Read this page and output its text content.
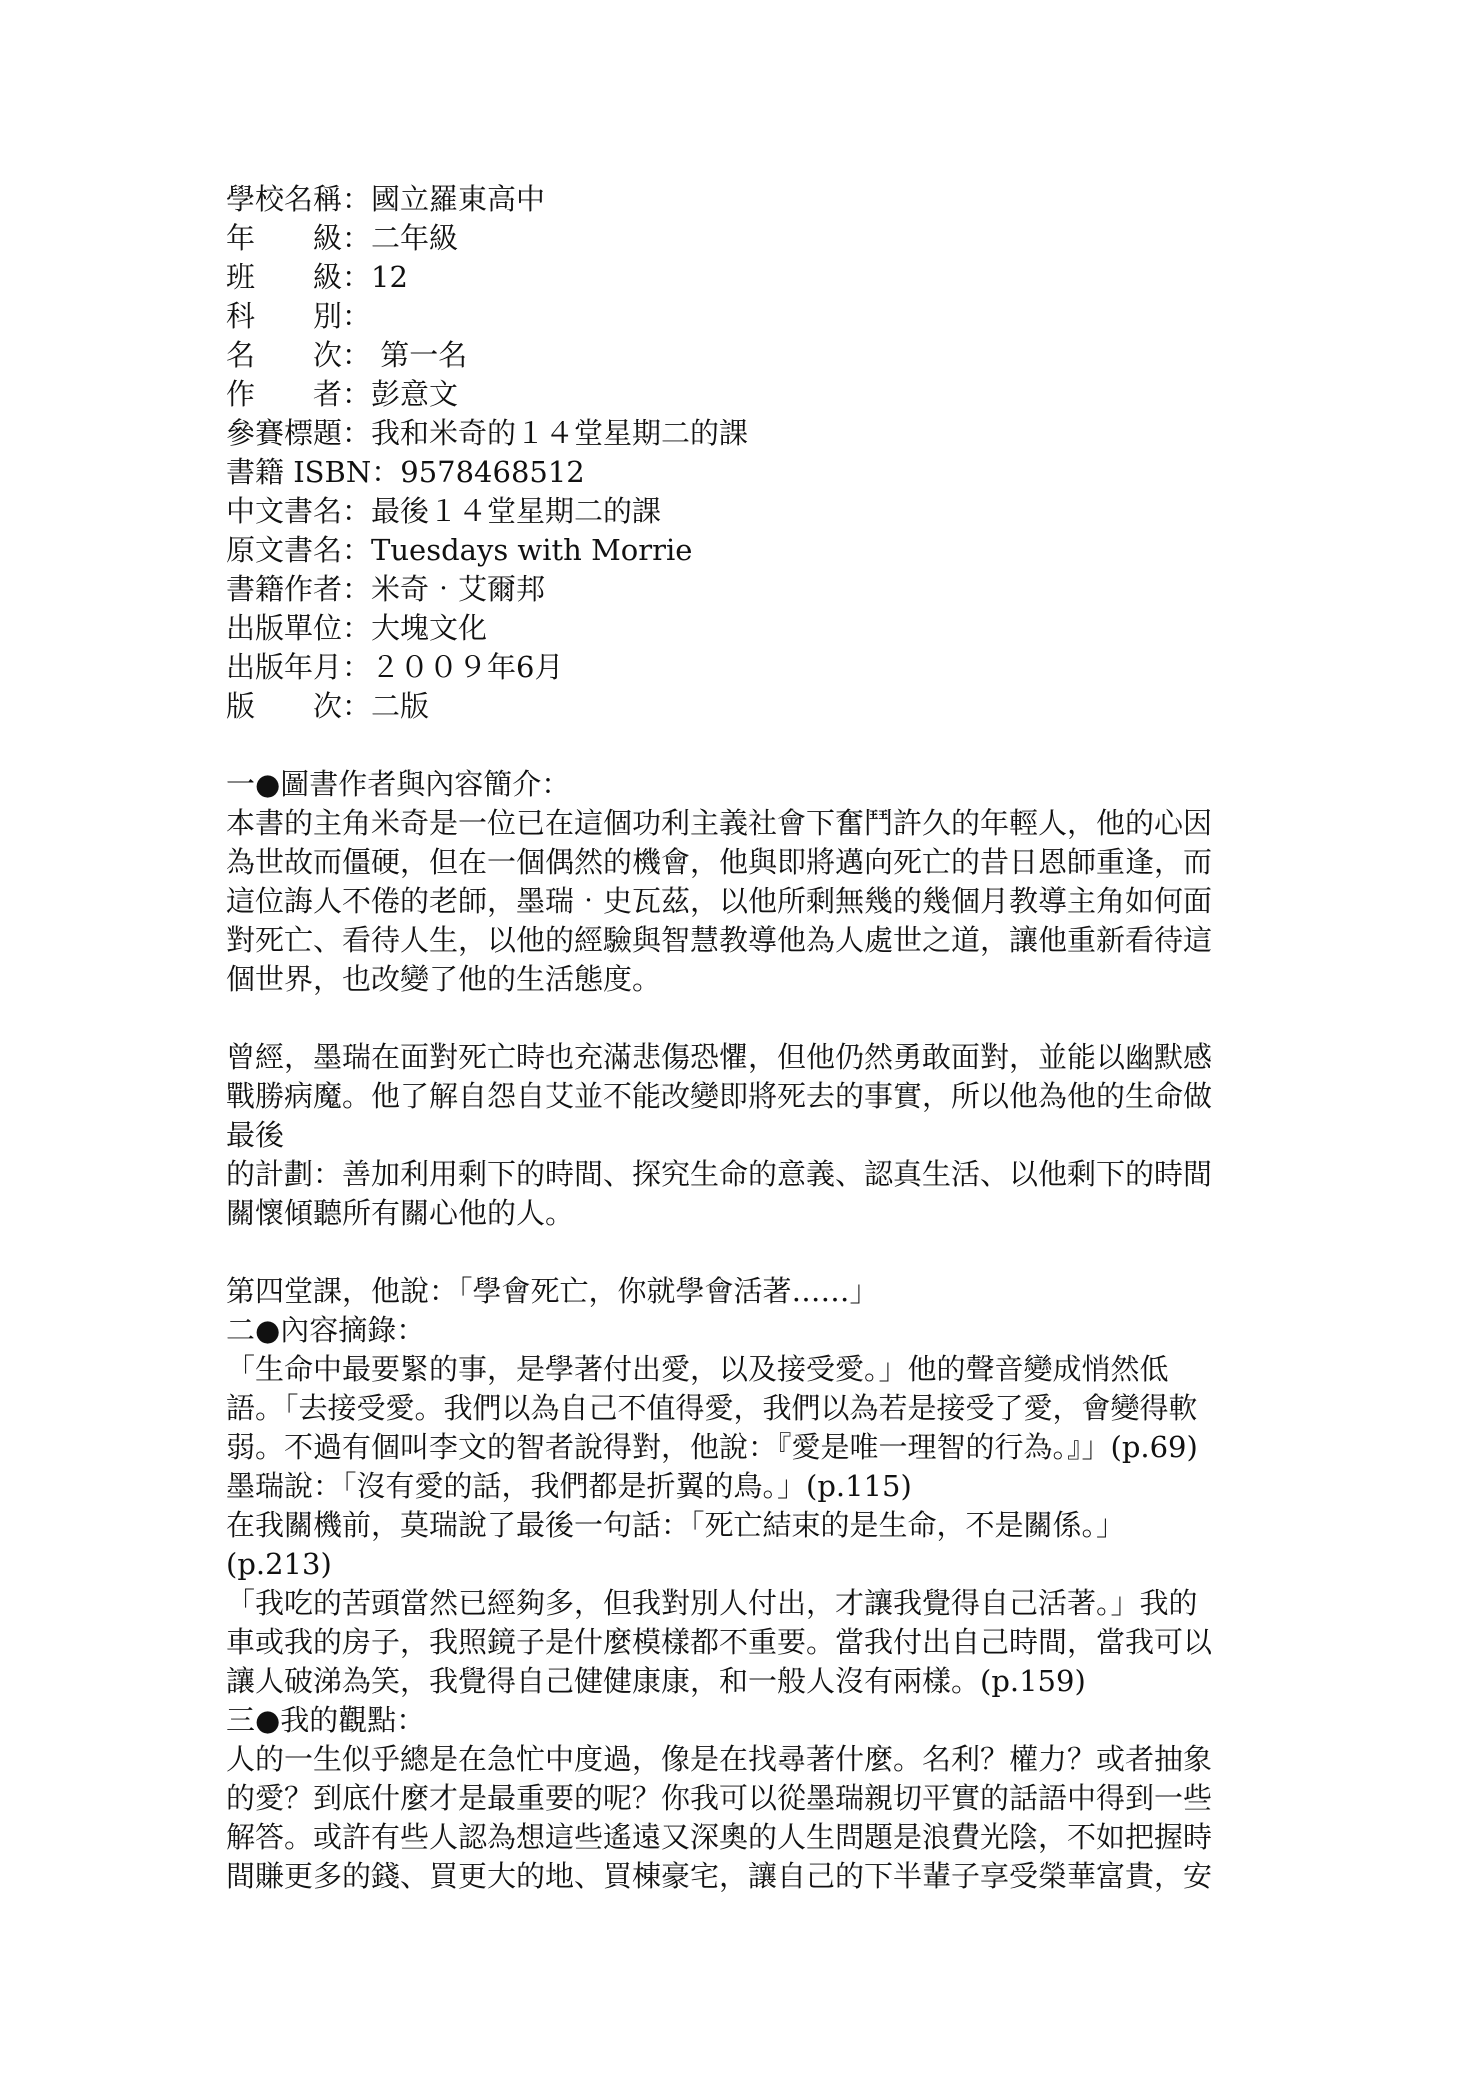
學校名稱 ： 國立羅東高中
年 級 ： 二年級
班 級 ： 12
科 別 ：
名 次 ： 第一名
作 者 ： 彭意文
參賽標題 ： 我和米奇的１４堂星期二的課
書籍 ISBN ： 9578468512
中文書名 ： 最後１４堂星期二的課
原文書名 ： Tuesdays with Morrie
書籍作者 ： 米奇‧艾爾邦
出版單位 ： 大塊文化
出版年月 ： ２００９年6月
版 次 ： 二版
一●圖書作者與內容簡介：
本書的主角米奇是一位已在這個功利主義社會下奮鬥許久的年輕人，他的心因
為世故而僵硬，但在一個偶然的機會，他與即將邁向死亡的昔日恩師重逢，而
這位誨人不倦的老師，墨瑞‧史瓦茲，以他所剩無幾的幾個月教導主角如何面
對死亡、看待人生，以他的經驗與智慧教導他為人處世之道，讓他重新看待這
個世界，也改變了他的生活態度。
曾經，墨瑞在面對死亡時也充滿悲傷恐懼，但他仍然勇敢面對，並能以幽默感
戰勝病魔。他了解自怨自艾並不能改變即將死去的事實，所以他為他的生命做
最後
的計劃：善加利用剩下的時間、探究生命的意義、認真生活、以他剩下的時間
關懷傾聽所有關心他的人。
第四堂課，他說：「學會死亡，你就學會活著……」
二●內容摘錄：
「生命中最要緊的事，是學著付出愛，以及接受愛。」他的聲音變成悄然低
語。「去接受愛。我們以為自己不值得愛，我們以為若是接受了愛，會變得軟
弱。不過有個叫李文的智者說得對，他說：『愛是唯一理智的行為。』」(p.69)
墨瑞說：「沒有愛的話，我們都是折翼的鳥。」(p.115)
在我關機前，莫瑞說了最後一句話：「死亡結束的是生命，不是關係。」
(p.213)
「我吃的苦頭當然已經夠多，但我對別人付出，才讓我覺得自己活著。」我的
車或我的房子，我照鏡子是什麼模樣都不重要。當我付出自己時間，當我可以
讓人破涕為笑，我覺得自己健健康康，和一般人沒有兩樣。(p.159)
三●我的觀點：
人的一生似乎總是在急忙中度過，像是在找尋著什麼。名利？權力？或者抽象
的愛？到底什麼才是最重要的呢？你我可以從墨瑞親切平實的話語中得到一些
解答。或許有些人認為想這些遙遠又深奧的人生問題是浪費光陰，不如把握時
間賺更多的錢、買更大的地、買棟豪宅，讓自己的下半輩子享受榮華富貴，安
